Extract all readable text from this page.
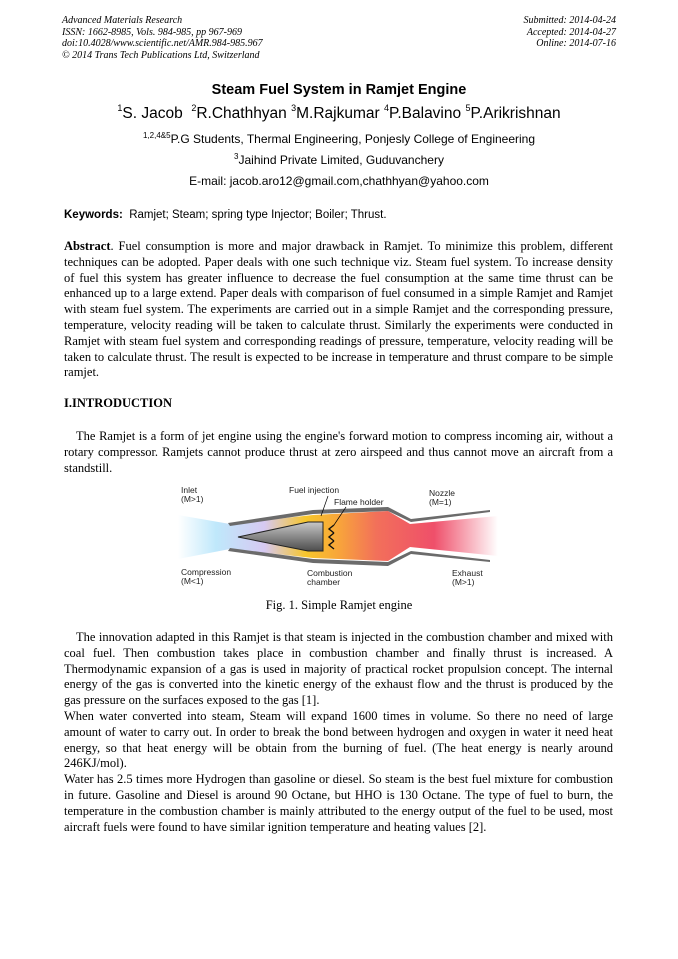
Advanced Materials Research
ISSN: 1662-8985, Vols. 984-985, pp 967-969
doi:10.4028/www.scientific.net/AMR.984-985.967
© 2014 Trans Tech Publications Ltd, Switzerland
Submitted: 2014-04-24
Accepted: 2014-04-27
Online: 2014-07-16
Steam Fuel System in Ramjet Engine
$^1$S. Jacob $^2$R.Chathhyan $^3$M.Rajkumar $^4$P.Balavino $^5$P.Arikrishnan
$^{1,2,4\&5}$P.G Students, Thermal Engineering, Ponjesly College of Engineering
$^3$Jaihind Private Limited, Guduvanchery
E-mail: jacob.aro12@gmail.com,chathhyan@yahoo.com
Keywords: Ramjet; Steam; spring type Injector; Boiler; Thrust.

Abstract. Fuel consumption is more and major drawback in Ramjet. To minimize this problem, different techniques can be adopted. Paper deals with one such technique viz. Steam fuel system. To increase density of fuel this system has greater influence to decrease the fuel consumption at the same time thrust can be enhanced up to a large extend. Paper deals with comparison of fuel consumed in a simple Ramjet and Ramjet with steam fuel system. The experiments are carried out in a simple Ramjet and the corresponding pressure, temperature, velocity reading will be taken to calculate thrust. Similarly the experiments were conducted in Ramjet with steam fuel system and corresponding readings of pressure, temperature, velocity reading will be taken to calculate thrust. The result is expected to be increase in temperature and thrust compare to be simple ramjet.

I.INTRODUCTION

The Ramjet is a form of jet engine using the engine's forward motion to compress incoming air, without a rotary compressor. Ramjets cannot produce thrust at zero airspeed and thus cannot move an aircraft from a standstill.

Inlet
(M>1)
Fuel injection
Flame holder
Nozzle
(M=1)
Compression
(M<1)
Combustion
chamber
Exhaust
(M>1)
Fig. 1. Simple Ramjet engine

The innovation adapted in this Ramjet is that steam is injected in the combustion chamber and mixed with coal fuel. Then combustion takes place in combustion chamber and finally thrust is increased. A Thermodynamic expansion of a gas is used in majority of practical rocket propulsion concept. The internal energy of the gas is converted into the kinetic energy of the exhaust flow and the thrust is produced by the gas pressure on the surfaces exposed to the gas [1].

When water converted into steam, Steam will expand 1600 times in volume. So there no need of large amount of water to carry out. In order to break the bond between hydrogen and oxygen in water it need heat energy, so that heat energy will be obtain from the burning of fuel. (The heat energy is nearly around 246KJ/mol).

Water has 2.5 times more Hydrogen than gasoline or diesel. So steam is the best fuel mixture for combustion in future. Gasoline and Diesel is around 90 Octane, but HHO is 130 Octane. The type of fuel to burn, the temperature in the combustion chamber is mainly attributed to the energy output of the fuel to be used, most aircraft fuels were found to have similar ignition temperature and heating values [2].
